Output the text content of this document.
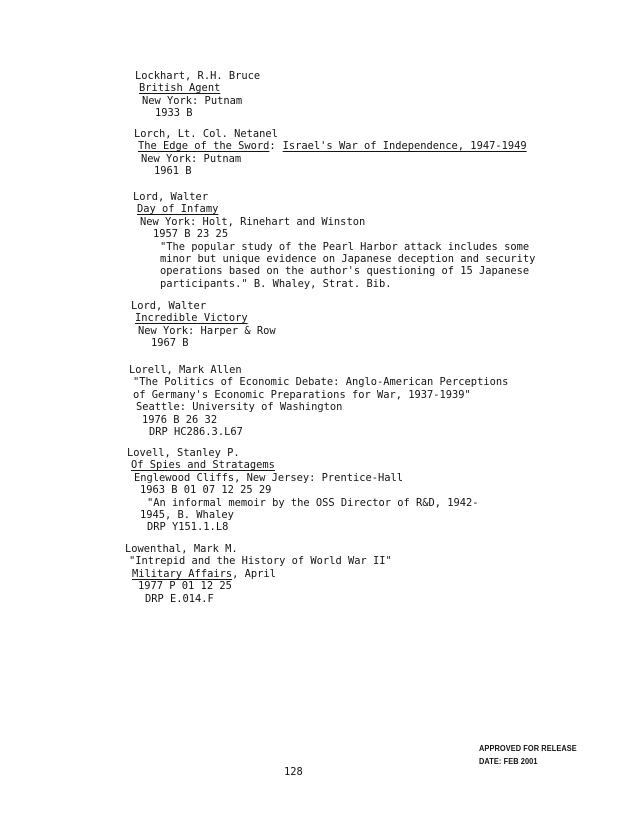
Lockhart, R.H. Bruce
British Agent
New York: Putnam
1933 B
Lorch, Lt. Col. Netanel
The Edge of the Sword: Israel's War of Independence, 1947-1949
New York: Putnam
1961 B
Lord, Walter
Day of Infamy
New York: Holt, Rinehart and Winston
1957 B 23 25
"The popular study of the Pearl Harbor attack includes some
minor but unique evidence on Japanese deception and security
operations based on the author's questioning of 15 Japanese
participants." B. Whaley, Strat. Bib.
Lord, Walter
Incredible Victory
New York: Harper & Row
1967 B
Lorell, Mark Allen
"The Politics of Economic Debate: Anglo-American Perceptions
of Germany's Economic Preparations for War, 1937-1939"
Seattle: University of Washington
1976 B 26 32
DRP HC286.3.L67
Lovell, Stanley P.
Of Spies and Stratagems
Englewood Cliffs, New Jersey: Prentice-Hall
1963 B 01 07 12 25 29
"An informal memoir by the OSS Director of R&D, 1942-
1945, B. Whaley
DRP Y151.1.L8
Lowenthal, Mark M.
"Intrepid and the History of World War II"
Military Affairs, April
1977 P 01 12 25
DRP E.014.F
APPROVED FOR RELEASE
DATE: FEB 2001
128
